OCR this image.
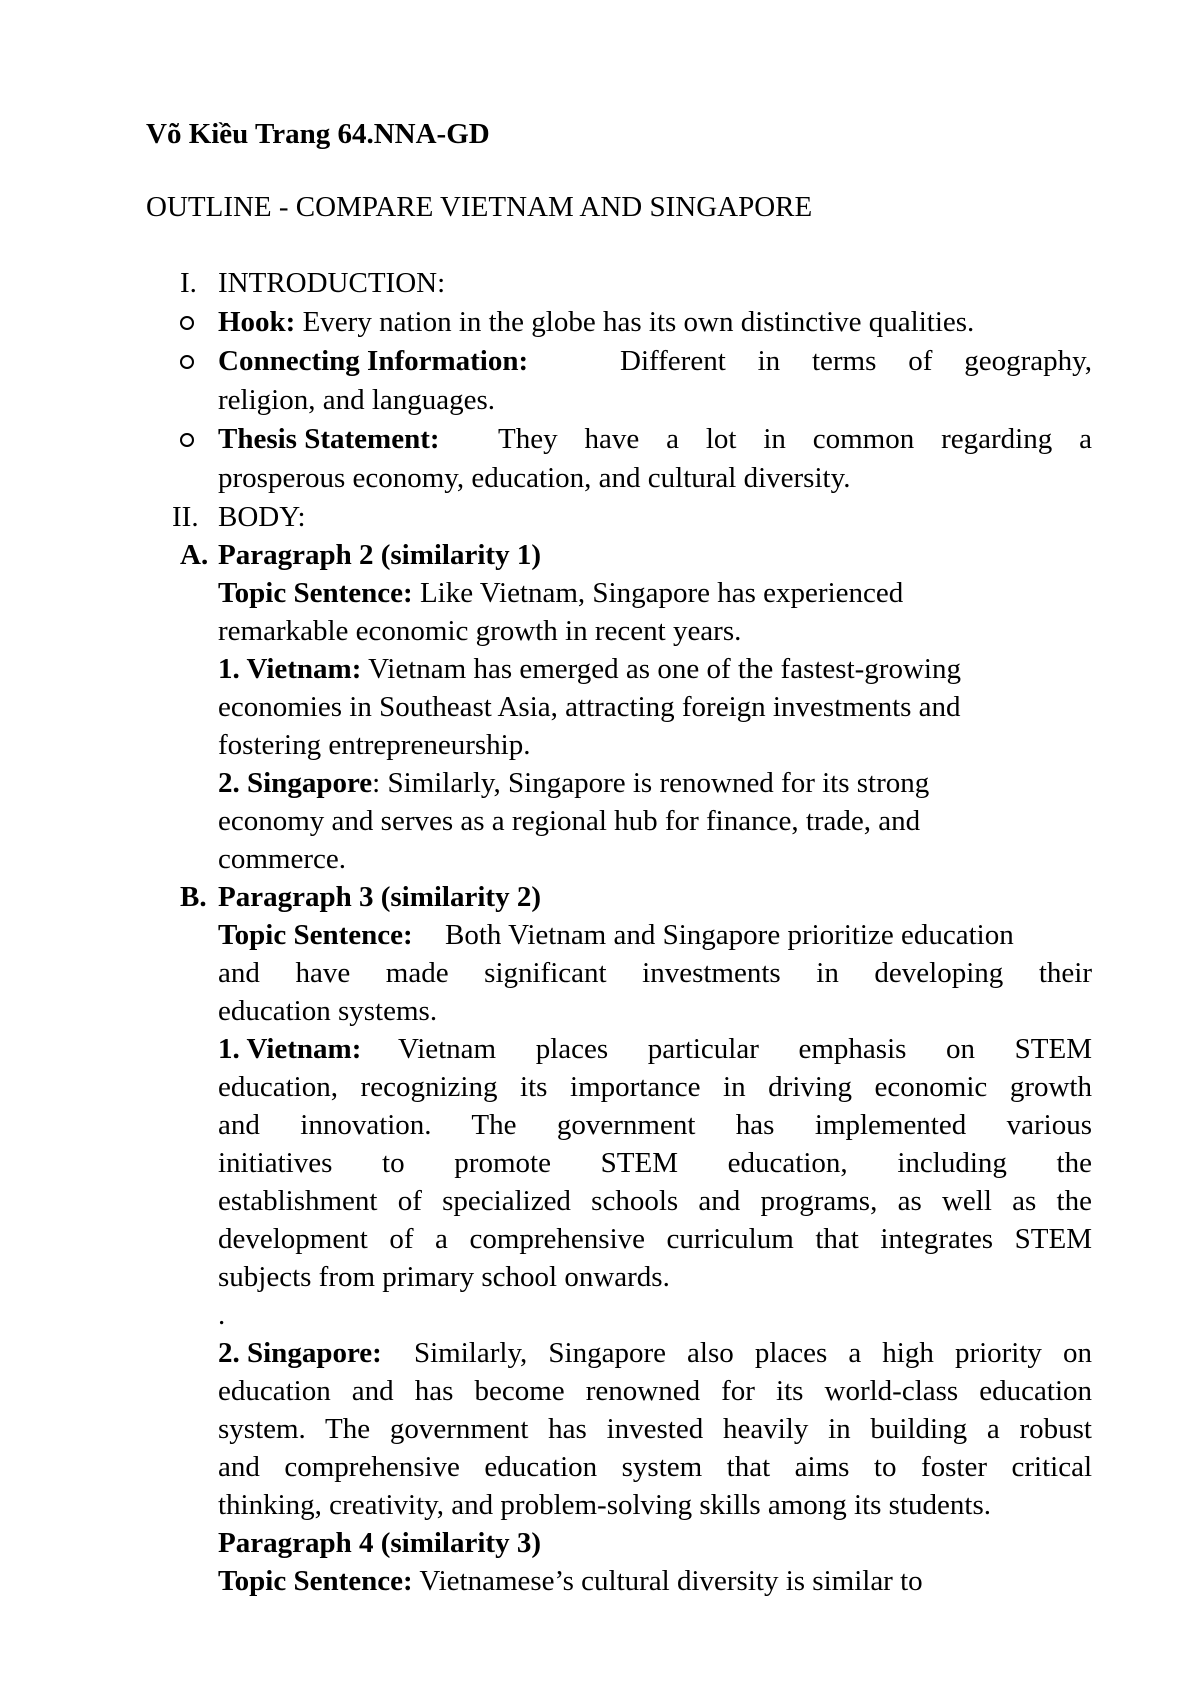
Võ Kiều Trang 64.NNA-GD
OUTLINE - COMPARE VIETNAM AND SINGAPORE
I. INTRODUCTION:
Hook: Every nation in the globe has its own distinctive qualities.
Connecting Information:	Different in terms of geography,
religion, and languages.
Thesis Statement: They have a lot in common regarding a
prosperous economy, education, and cultural diversity.
II. BODY:
A. Paragraph 2 (similarity 1)
Topic Sentence: Like Vietnam, Singapore has experienced
remarkable economic growth in recent years.
1. Vietnam: Vietnam has emerged as one of the fastest-growing
economies in Southeast Asia, attracting foreign investments and
fostering entrepreneurship.
2. Singapore: Similarly, Singapore is renowned for its strong
economy and serves as a regional hub for finance, trade, and
commerce.
B. Paragraph 3 (similarity 2)
Topic Sentence: Both Vietnam and Singapore prioritize education
and have made significant investments in developing their
education systems.
1. Vietnam: Vietnam places particular emphasis on STEM
education, recognizing its importance in driving economic growth
and innovation. The government has implemented various
initiatives to promote STEM education, including the
establishment of specialized schools and programs, as well as the
development of a comprehensive curriculum that integrates STEM
subjects from primary school onwards.
.
2. Singapore: Similarly, Singapore also places a high priority on
education and has become renowned for its world-class education
system. The government has invested heavily in building a robust
and comprehensive education system that aims to foster critical
thinking, creativity, and problem-solving skills among its students.
Paragraph 4 (similarity 3)
Topic Sentence: Vietnamese’s cultural diversity is similar to
